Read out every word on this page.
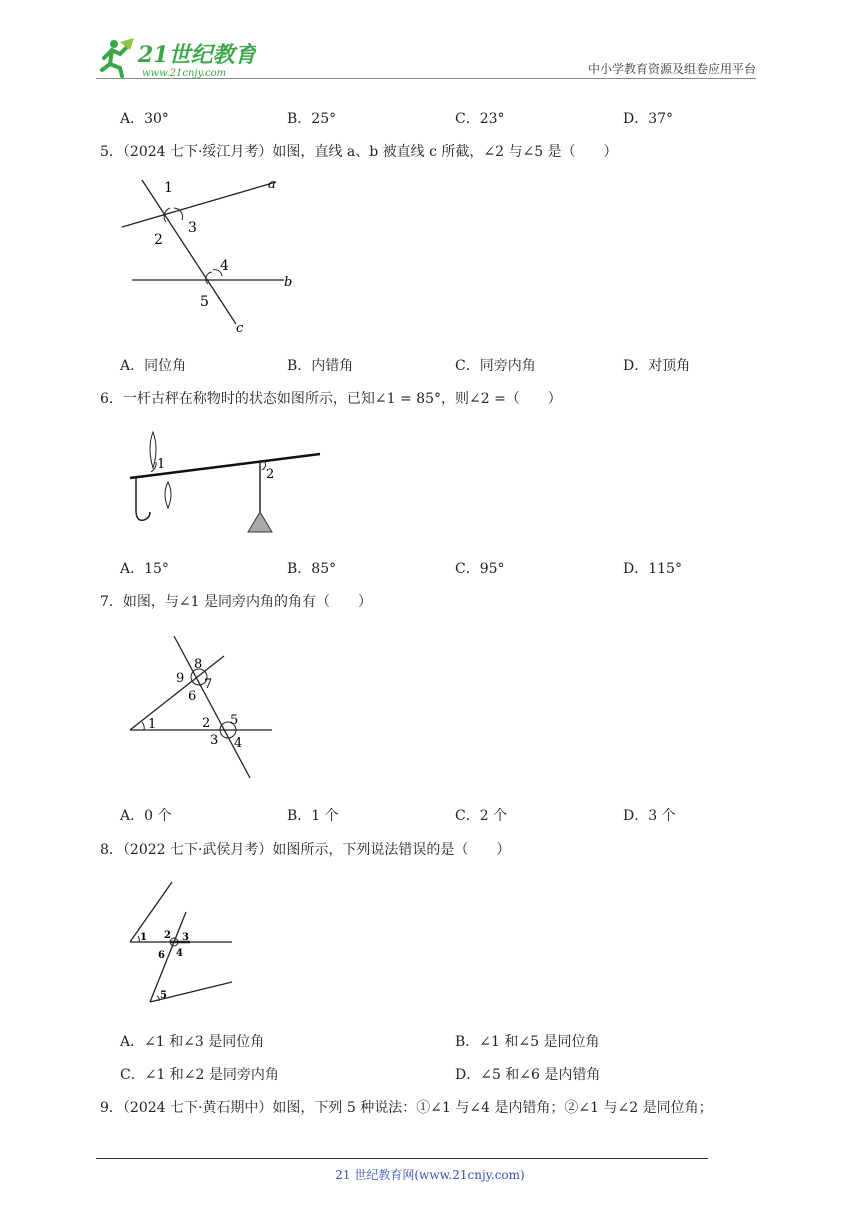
21世纪教育
www.21cnjy.com	中小学教育资源及组卷应用平台
A．30°	B．25°	C．23°	D．37°
5．（2024 七下·绥江月考）如图，直线 a、b 被直线 c 所截，∠2 与∠5 是（　　）
1
2
3
4
5
a
b
c
A．同位角	B．内错角	C．同旁内角	D．对顶角
6．一杆古秤在称物时的状态如图所示，已知∠1 = 85°，则∠2 =（　　）
1
2
A．15°	B．85°	C．95°	D．115°
7．如图，与∠1 是同旁内角的角有（　　）
1	2
3 4
5
6
7
8
9
A．0 个	B．1 个	C．2 个	D．3 个
8．（2022 七下·武侯月考）如图所示，下列说法错误的是（　　）
1 2 3
4
5
6
A．∠1 和∠3 是同位角	B．∠1 和∠5 是同位角
C．∠1 和∠2 是同旁内角	D．∠5 和∠6 是内错角
9．（2024 七下·黄石期中）如图，下列 5 种说法：①∠1 与∠4 是内错角；②∠1 与∠2 是同位角；
21 世纪教育网(www.21cnjy.com)
